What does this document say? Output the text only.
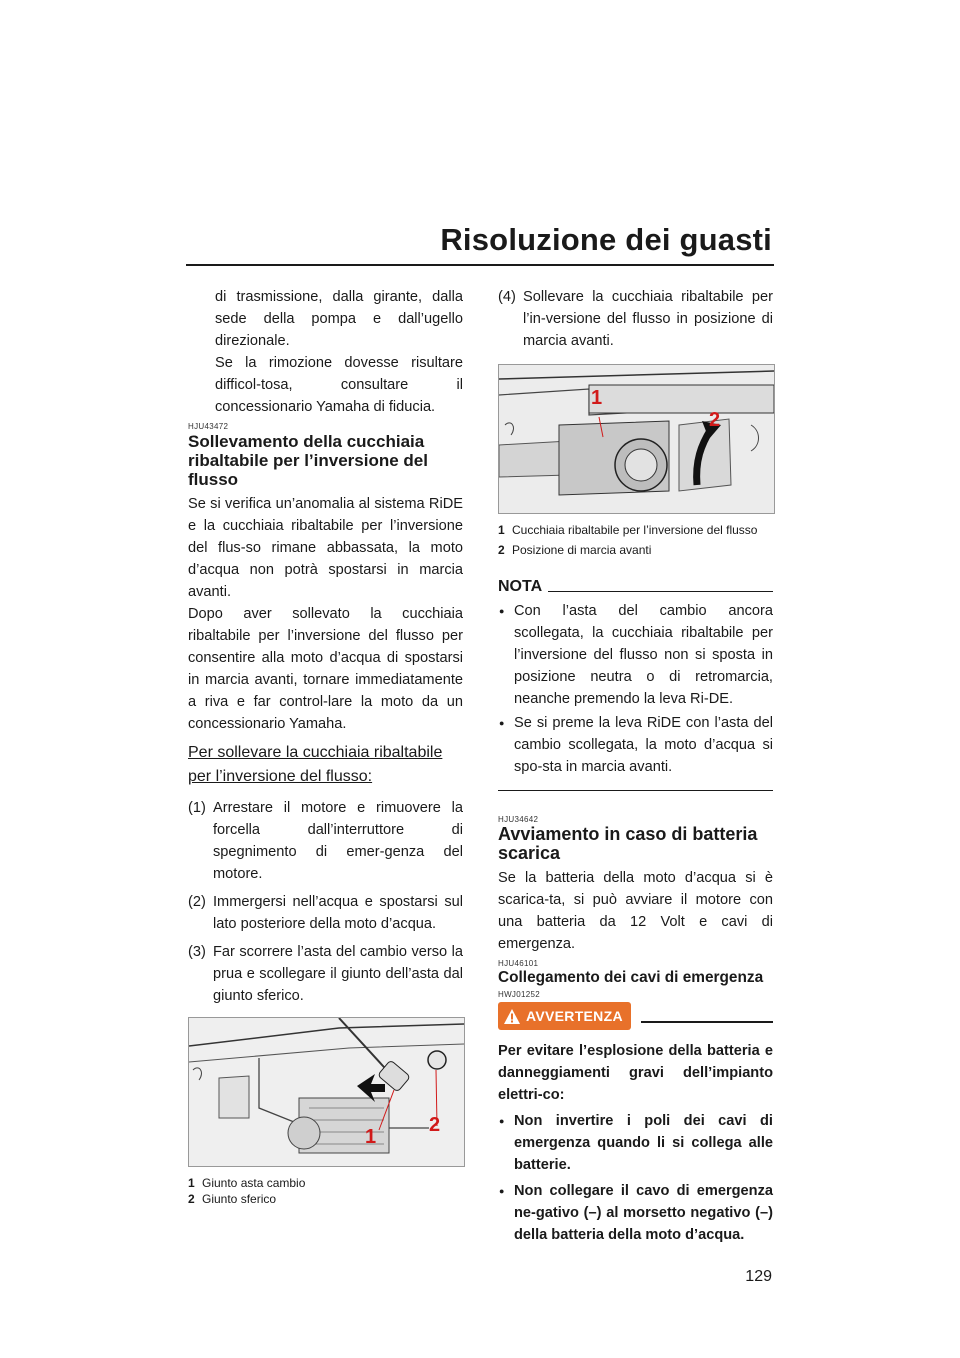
Risoluzione dei guasti

di trasmissione, dalla girante, dalla sede della pompa e dall’ugello direzionale.

Se la rimozione dovesse risultare difficol-tosa, consultare il concessionario Yamaha di fiducia.

HJU43472
Sollevamento della cucchiaia ribaltabile per l’inversione del flusso

Se si verifica un’anomalia al sistema RiDE e la cucchiaia ribaltabile per l’inversione del flus-so rimane abbassata, la moto d’acqua non potrà spostarsi in marcia avanti.

Dopo aver sollevato la cucchiaia ribaltabile per l’inversione del flusso per consentire alla moto d’acqua di spostarsi in marcia avanti, tornare immediatamente a riva e far control-lare la moto da un concessionario Yamaha.

Per sollevare la cucchiaia ribaltabile per l’inversione del flusso:
(1) Arrestare il motore e rimuovere la forcella dall’interruttore di spegnimento di emer-genza del motore.
(2) Immergersi nell’acqua e spostarsi sul lato posteriore della moto d’acqua.
(3) Far scorrere l’asta del cambio verso la prua e scollegare il giunto dell’asta dal giunto sferico.
1
2
1 Giunto asta cambio
2 Giunto sferico
(4) Sollevare la cucchiaia ribaltabile per l’in-versione del flusso in posizione di marcia avanti.
1
2
1 Cucchiaia ribaltabile per l’inversione del flusso
2 Posizione di marcia avanti
NOTA
● Con l’asta del cambio ancora scollegata, la cucchiaia ribaltabile per l’inversione del flusso non si sposta in posizione neutra o di retromarcia, neanche premendo la leva Ri-DE.
● Se si preme la leva RiDE con l’asta del cambio scollegata, la moto d’acqua si spo-sta in marcia avanti.
HJU34642
Avviamento in caso di batteria scarica

Se la batteria della moto d’acqua si è scarica-ta, si può avviare il motore con una batteria da 12 Volt e cavi di emergenza.

HJU46101
Collegamento dei cavi di emergenza
HWJ01252
AVVERTENZA

Per evitare l’esplosione della batteria e danneggiamenti gravi dell’impianto elettri-co:

● Non invertire i poli dei cavi di emergenza quando li si collega alle batterie.
● Non collegare il cavo di emergenza ne-gativo (–) al morsetto negativo (–) della batteria della moto d’acqua.
129
